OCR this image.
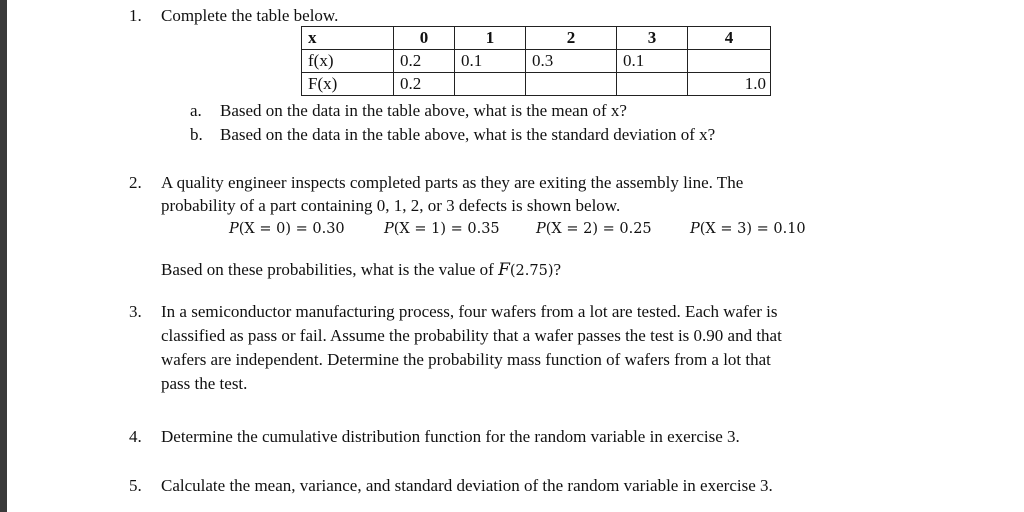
1. Complete the table below.
x	0	1	2	3	4
f(x)	0.2	0.1	0.3	0.1	
F(x)	0.2				1.0
a. Based on the data in the table above, what is the mean of x?
b. Based on the data in the table above, what is the standard deviation of x?
2. A quality engineer inspects completed parts as they are exiting the assembly line. The
probability of a part containing 0, 1, 2, or 3 defects is shown below.
P(X = 0) = 0.30	P(X = 1) = 0.35	P(X = 2) = 0.25	P(X = 3) = 0.10
Based on these probabilities, what is the value of F(2.75)?
3. In a semiconductor manufacturing process, four wafers from a lot are tested. Each wafer is
classified as pass or fail. Assume the probability that a wafer passes the test is 0.90 and that
wafers are independent. Determine the probability mass function of wafers from a lot that
pass the test.
4. Determine the cumulative distribution function for the random variable in exercise 3.
5. Calculate the mean, variance, and standard deviation of the random variable in exercise 3.
